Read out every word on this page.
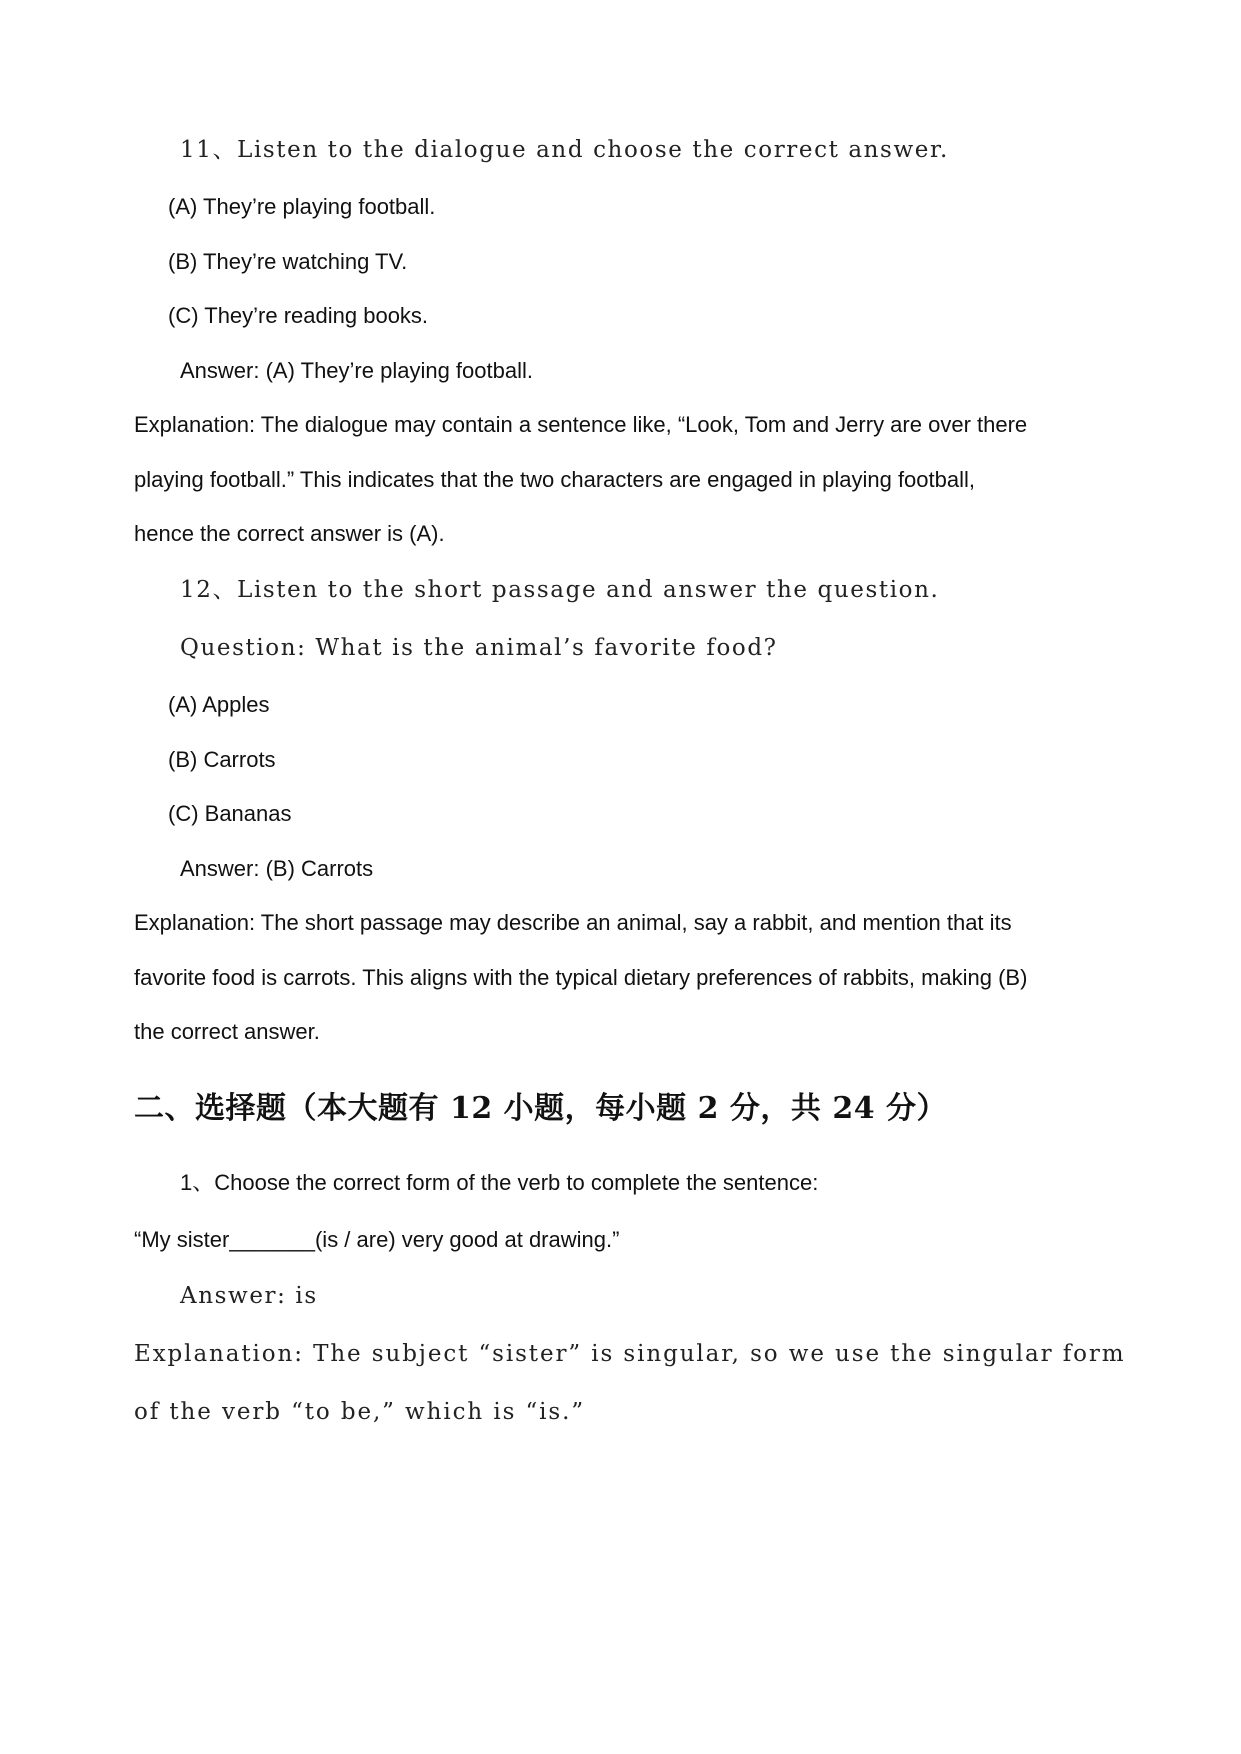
11、Listen to the dialogue and choose the correct answer.
(A) They’re playing football.
(B) They’re watching TV.
(C) They’re reading books.
Answer: (A) They’re playing football.
Explanation: The dialogue may contain a sentence like, “Look, Tom and Jerry are over there
playing football.” This indicates that the two characters are engaged in playing football,
hence the correct answer is (A).
12、Listen to the short passage and answer the question.
Question: What is the animal’s favorite food?
(A) Apples
(B) Carrots
(C) Bananas
Answer: (B) Carrots
Explanation: The short passage may describe an animal, say a rabbit, and mention that its
favorite food is carrots. This aligns with the typical dietary preferences of rabbits, making (B)
the correct answer.
二、选择题（本大题有 12 小题，每小题 2 分，共 24 分）
1、Choose the correct form of the verb to complete the sentence:
“My sister_______(is / are) very good at drawing.”
Answer: is
Explanation: The subject “sister” is singular, so we use the singular form
of the verb “to be,” which is “is.”
